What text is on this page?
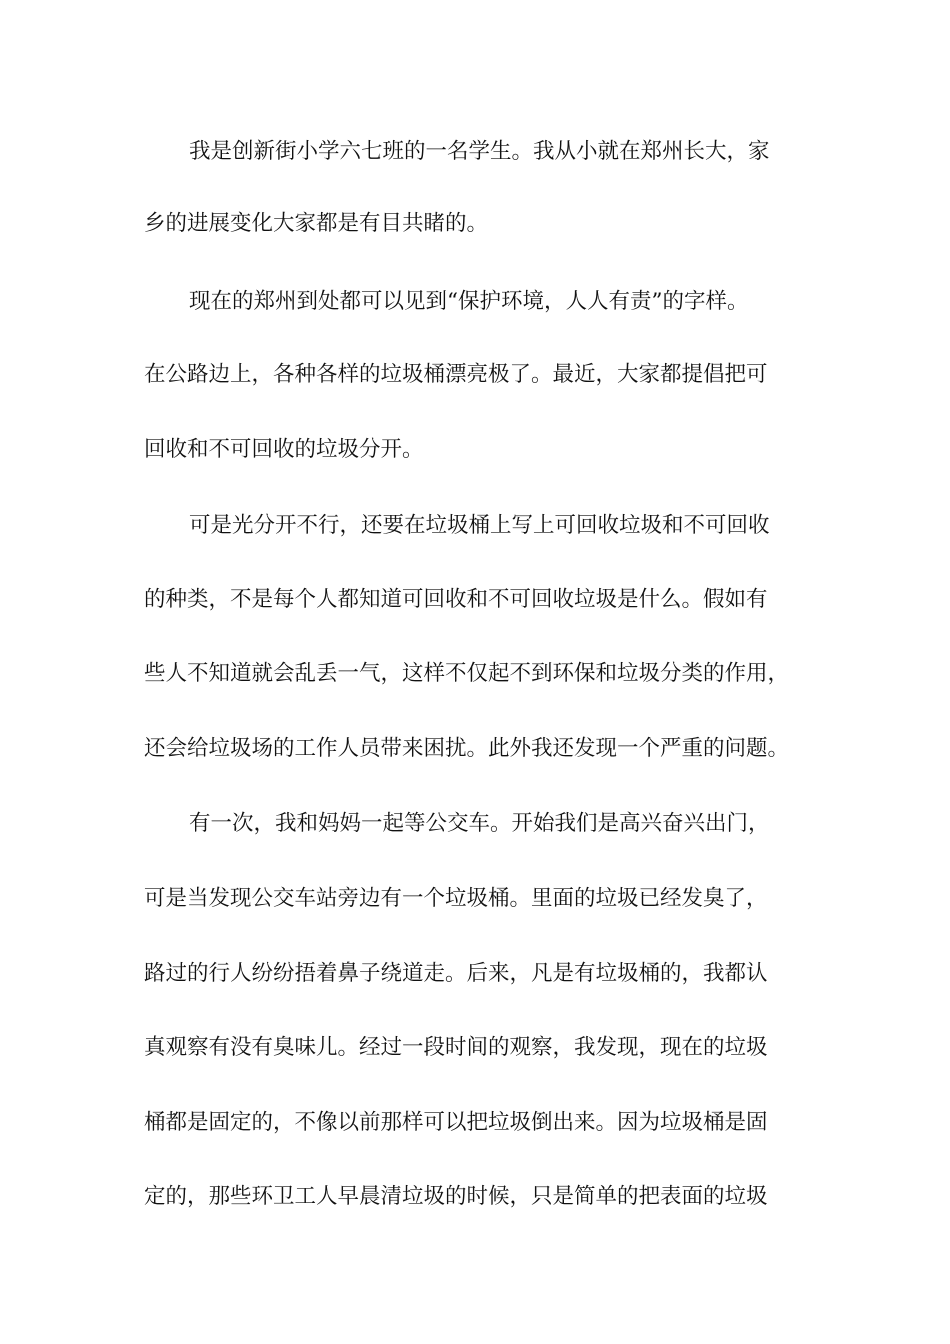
我是创新街小学六七班的一名学生。我从小就在郑州长大，家
乡的进展变化大家都是有目共睹的。
现在的郑州到处都可以见到“保护环境，人人有责”的字样。
在公路边上，各种各样的垃圾桶漂亮极了。最近，大家都提倡把可
回收和不可回收的垃圾分开。
可是光分开不行，还要在垃圾桶上写上可回收垃圾和不可回收
的种类，不是每个人都知道可回收和不可回收垃圾是什么。假如有
些人不知道就会乱丢一气，这样不仅起不到环保和垃圾分类的作用，
还会给垃圾场的工作人员带来困扰。此外我还发现一个严重的问题。
有一次，我和妈妈一起等公交车。开始我们是高兴奋兴出门，
可是当发现公交车站旁边有一个垃圾桶。里面的垃圾已经发臭了，
路过的行人纷纷捂着鼻子绕道走。后来，凡是有垃圾桶的，我都认
真观察有没有臭味儿。经过一段时间的观察，我发现，现在的垃圾
桶都是固定的，不像以前那样可以把垃圾倒出来。因为垃圾桶是固
定的，那些环卫工人早晨清垃圾的时候，只是简单的把表面的垃圾
